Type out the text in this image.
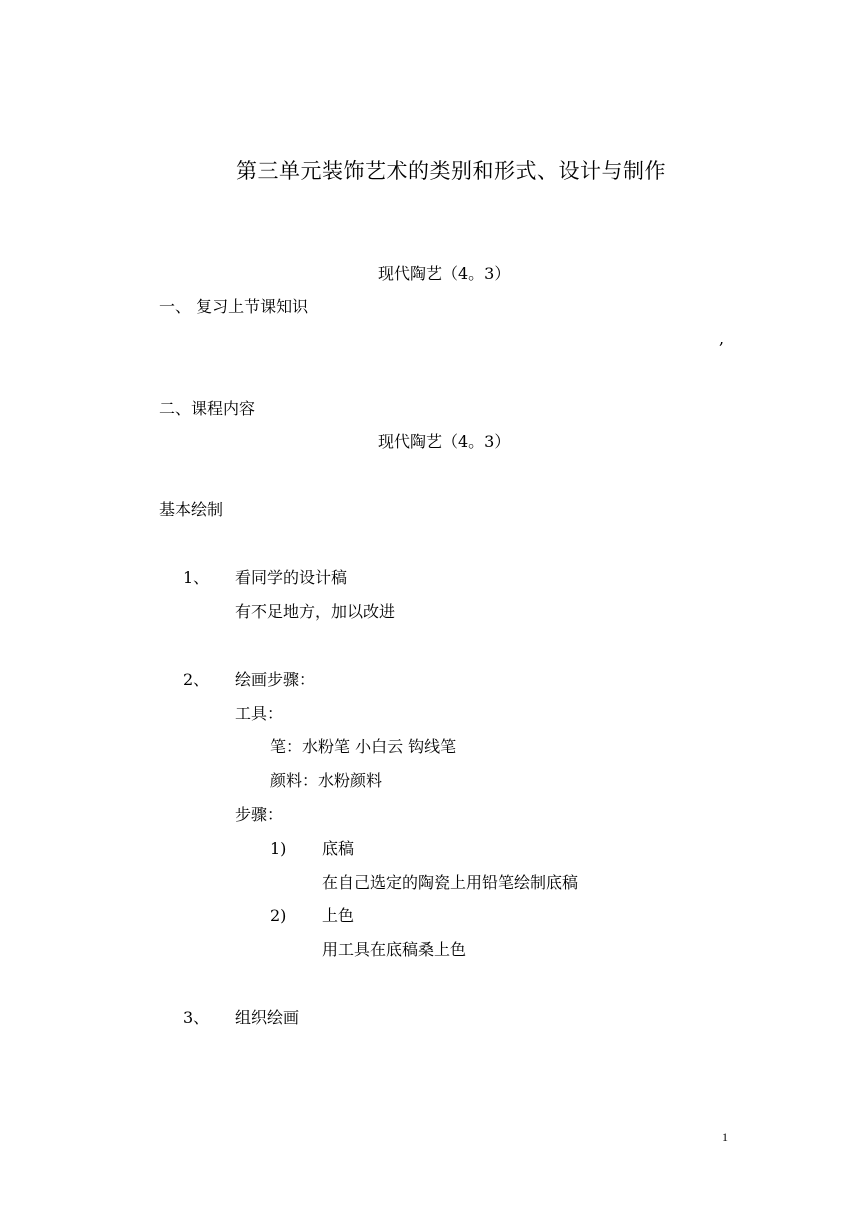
第三单元装饰艺术的类别和形式、设计与制作
现代陶艺（4。3）
一、 复习上节课知识
,
二、课程内容
现代陶艺（4。3）
基本绘制
1、 看同学的设计稿
有不足地方，加以改进
2、 绘画步骤：
工具：
笔：水粉笔 小白云 钩线笔
颜料：水粉颜料
步骤：
1) 底稿
在自己选定的陶瓷上用铅笔绘制底稿
2) 上色
用工具在底稿桑上色
3、 组织绘画
1
